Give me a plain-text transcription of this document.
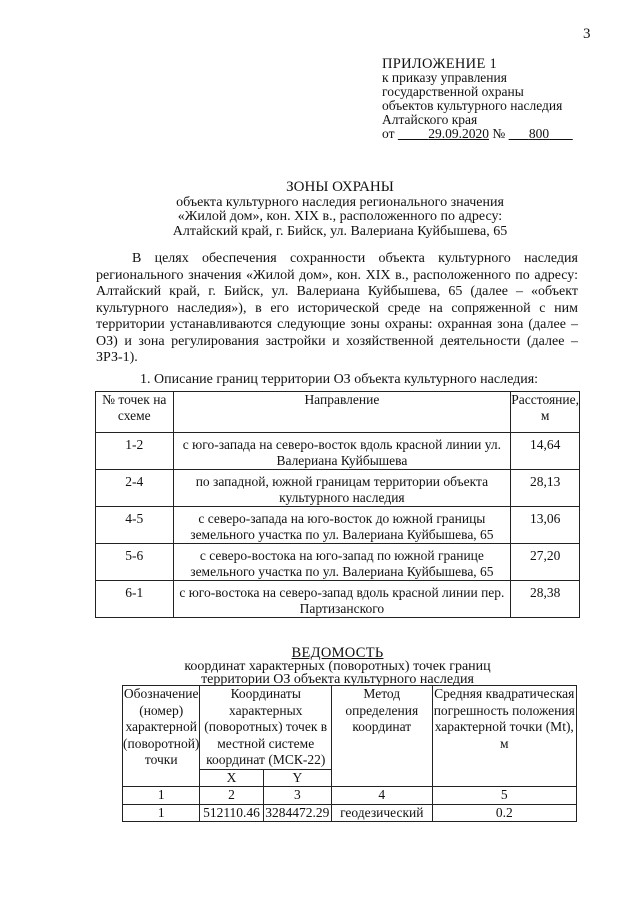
3
ПРИЛОЖЕНИЕ 1
к приказу управления
государственной охраны
объектов культурного наследия
Алтайского края
от	29.09.2020 № 800
ЗОНЫ ОХРАНЫ
объекта культурного наследия регионального значения
«Жилой дом», кон. XIX в., расположенного по адресу:
Алтайский край, г. Бийск, ул. Валериана Куйбышева, 65
В целях обеспечения сохранности объекта культурного наследия регионального значения «Жилой дом», кон. XIX в., расположенного по адресу: Алтайский край, г. Бийск, ул. Валериана Куйбышева, 65 (далее – «объект культурного наследия»), в его исторической среде на сопряженной с ним территории устанавливаются следующие зоны охраны: охранная зона (далее – ОЗ) и зона регулирования застройки и хозяйственной деятельности (далее – ЗРЗ-1).
1. Описание границ территории ОЗ объекта культурного наследия:
№ точек на схеме	Направление	Расстояние, м
1-2	с юго-запада на северо-восток вдоль красной линии ул. Валериана Куйбышева	14,64
2-4	по западной, южной границам территории объекта культурного наследия	28,13
4-5	с северо-запада на юго-восток до южной границы земельного участка по ул. Валериана Куйбышева, 65	13,06
5-6	с северо-востока на юго-запад по южной границе земельного участка по ул. Валериана Куйбышева, 65	27,20
6-1	с юго-востока на северо-запад вдоль красной линии пер. Партизанского	28,38
ВЕДОМОСТЬ
координат характерных (поворотных) точек границ
территории ОЗ объекта культурного наследия
Обозначение (номер) характерной (поворотной) точки	Координаты характерных (поворотных) точек в местной системе координат (МСК-22)		Метод определения координат	Средняя квадратическая погрешность положения характерной точки (Mt), м
	X	Y		
1	2	3	4	5
1	512110.46	3284472.29	геодезический	0.2
